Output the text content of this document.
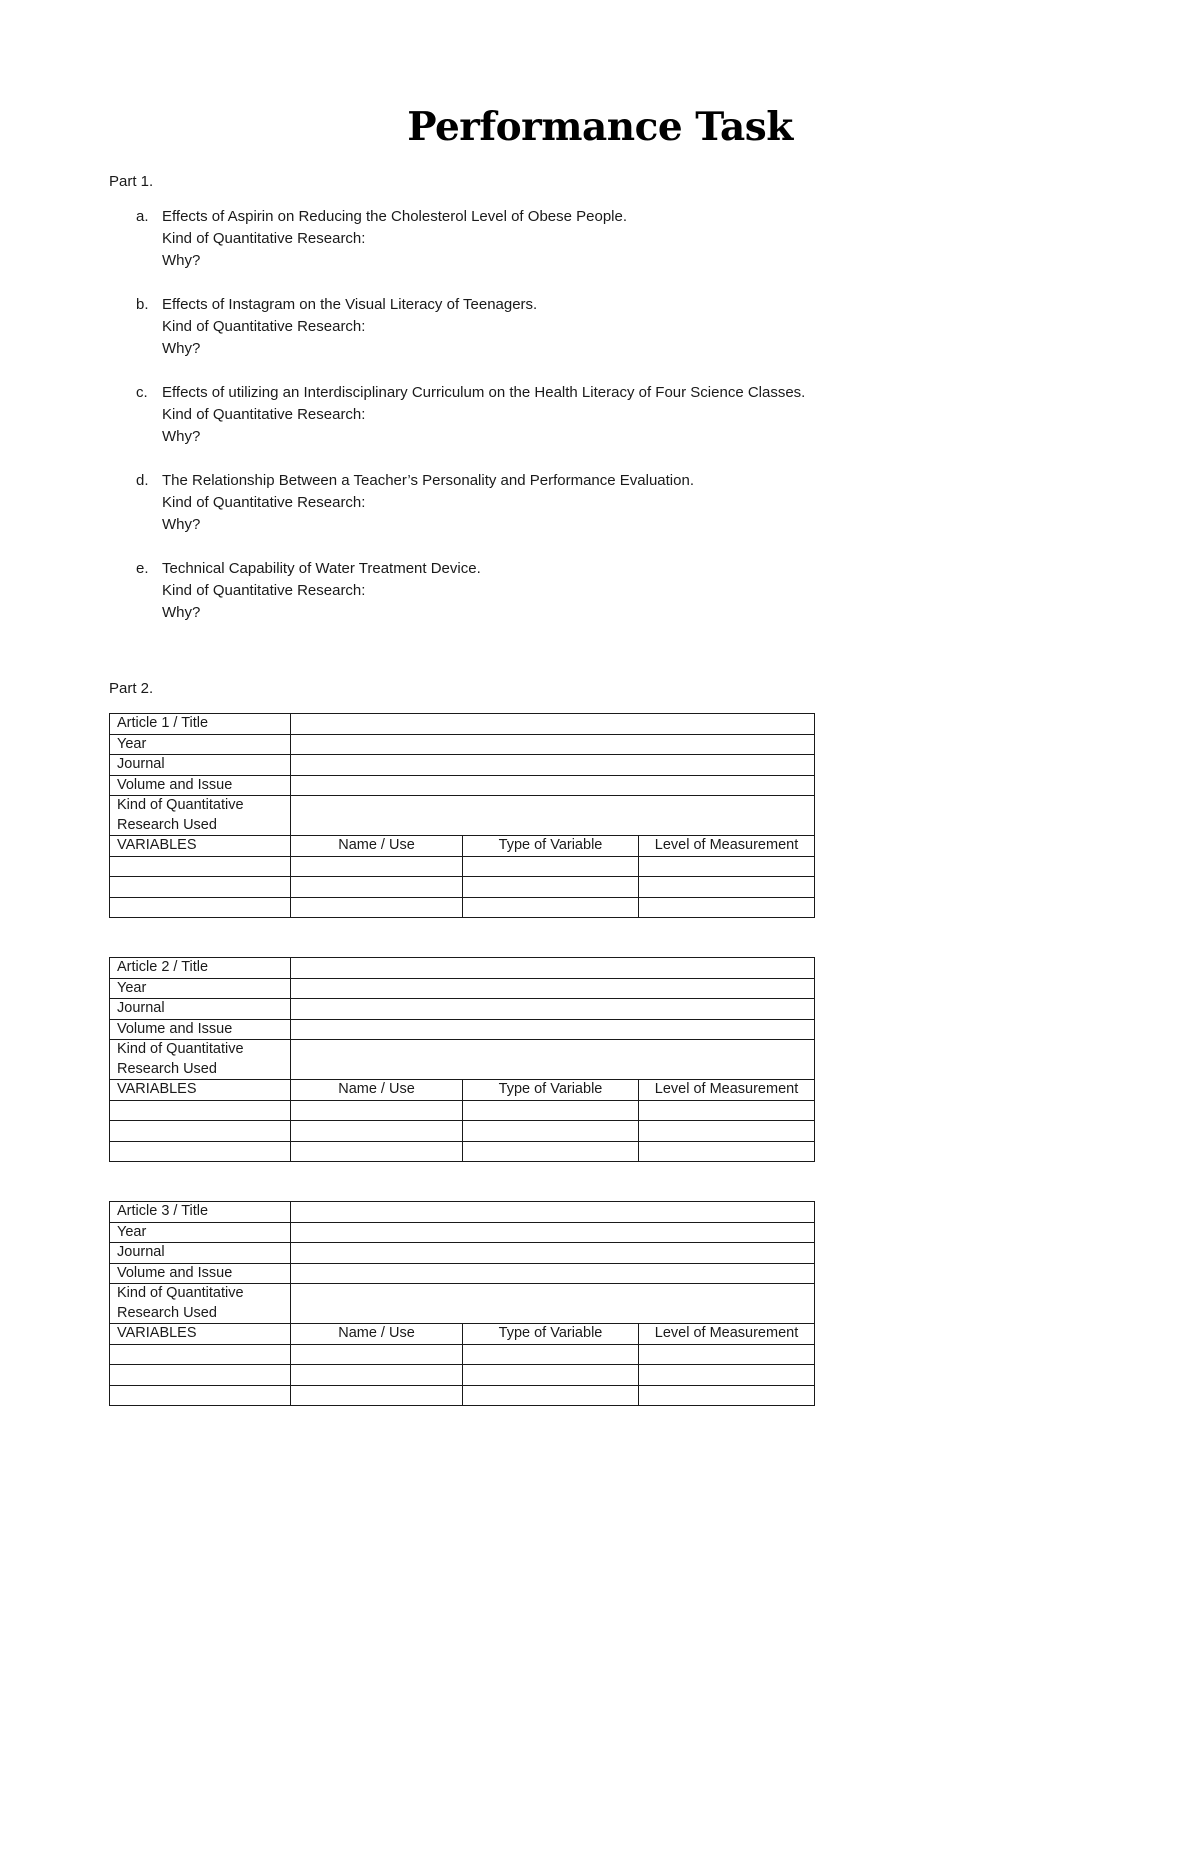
Performance Task
Part 1.
a. Effects of Aspirin on Reducing the Cholesterol Level of Obese People.
Kind of Quantitative Research:
Why?
b. Effects of Instagram on the Visual Literacy of Teenagers.
Kind of Quantitative Research:
Why?
c. Effects of utilizing an Interdisciplinary Curriculum on the Health Literacy of Four Science Classes.
Kind of Quantitative Research:
Why?
d. The Relationship Between a Teacher’s Personality and Performance Evaluation.
Kind of Quantitative Research:
Why?
e. Technical Capability of Water Treatment Device.
Kind of Quantitative Research:
Why?
Part 2.
Article 1 / Title			
Year			
Journal			
Volume and Issue			
Kind of Quantitative Research Used			
VARIABLES	Name / Use	Type of Variable	Level of Measurement

Article 2 / Title			
Year			
Journal			
Volume and Issue			
Kind of Quantitative Research Used			
VARIABLES	Name / Use	Type of Variable	Level of Measurement

Article 3 / Title			
Year			
Journal			
Volume and Issue			
Kind of Quantitative Research Used			
VARIABLES	Name / Use	Type of Variable	Level of Measurement
